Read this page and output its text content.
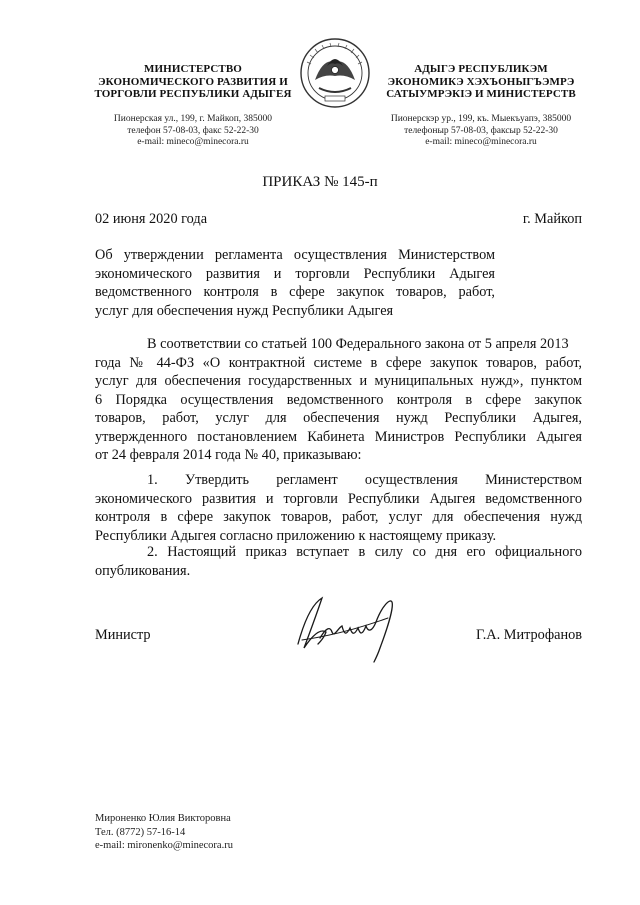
МИНИСТЕРСТВО
ЭКОНОМИЧЕСКОГО РАЗВИТИЯ И
ТОРГОВЛИ РЕСПУБЛИКИ АДЫГЕЯ
Пионерская ул., 199, г. Майкоп, 385000
телефон 57-08-03, факс 52-22-30
e-mail: mineco@minecora.ru
АДЫГЭ РЕСПУБЛИКЭМ
ЭКОНОМИКЭ ХЭХЪОНЫГЪЭМРЭ
САТЫУМРЭКIЭ И МИНИСТЕРСТВ
Пионерскэр ур., 199, къ. Мыекъуапэ, 385000
телефоныр 57-08-03, факсыр 52-22-30
e-mail: mineco@minecora.ru
ПРИКАЗ № 145-п
02 июня 2020 года	г. Майкоп
Об утверждении регламента осуществления Министерством
экономического развития и торговли Республики Адыгея
ведомственного контроля в сфере закупок товаров, работ,
услуг для обеспечения нужд Республики Адыгея
В соответствии со статьей 100 Федерального закона от 5 апреля 2013
года № 44-ФЗ «О контрактной системе в сфере закупок товаров, работ,
услуг для обеспечения государственных и муниципальных нужд», пунктом
6 Порядка осуществления ведомственного контроля в сфере закупок
товаров, работ, услуг для обеспечения нужд Республики Адыгея,
утвержденного постановлением Кабинета Министров Республики Адыгея
от 24 февраля 2014 года № 40, приказываю:
1. Утвердить регламент осуществления Министерством
экономического развития и торговли Республики Адыгея ведомственного
контроля в сфере закупок товаров, работ, услуг для обеспечения нужд
Республики Адыгея согласно приложению к настоящему приказу.
2. Настоящий приказ вступает в силу со дня его официального
опубликования.
Министр	Г.А. Митрофанов
Мироненко Юлия Викторовна
Тел. (8772) 57-16-14
e-mail: mironenko@minecora.ru
